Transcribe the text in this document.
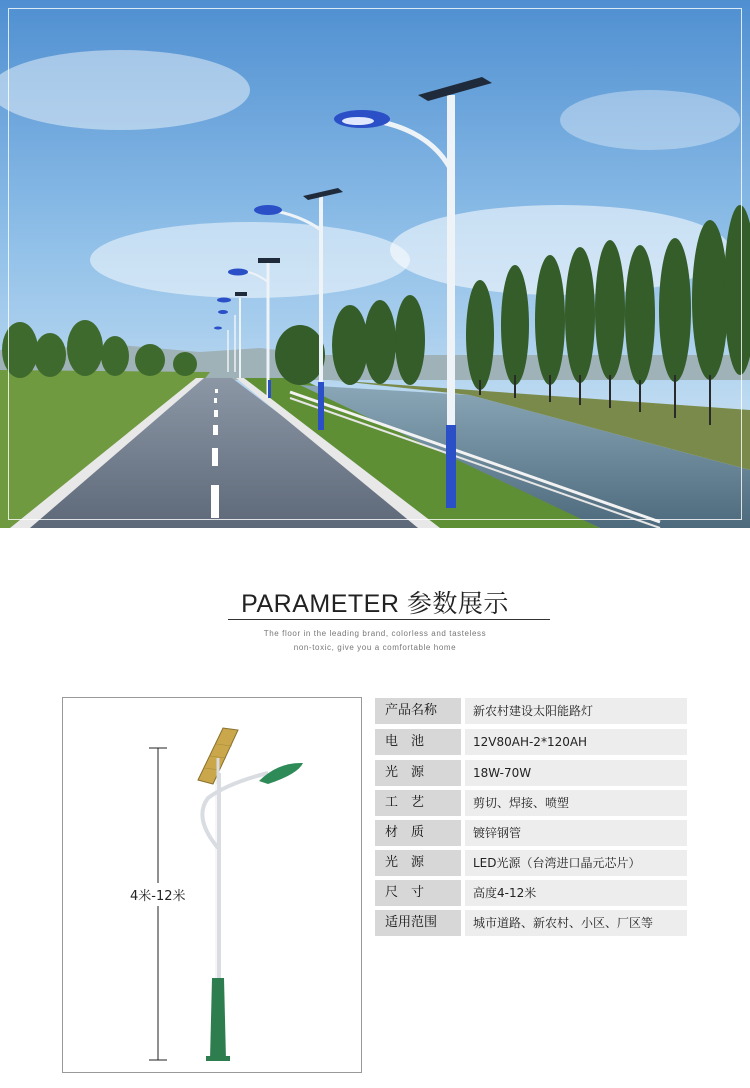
PARAMETER 参数展示
The floor in the leading brand, colorless and tasteless
non-toxic, give you a comfortable home
4米-12米
产品名称	新农村建设太阳能路灯
电　池	12V80AH-2*120AH
光　源	18W-70W
工　艺	剪切、焊接、喷塑
材　质	镀锌钢管
光　源	LED光源（台湾进口晶元芯片）
尺　寸	高度4-12米
适用范围	城市道路、新农村、小区、厂区等
